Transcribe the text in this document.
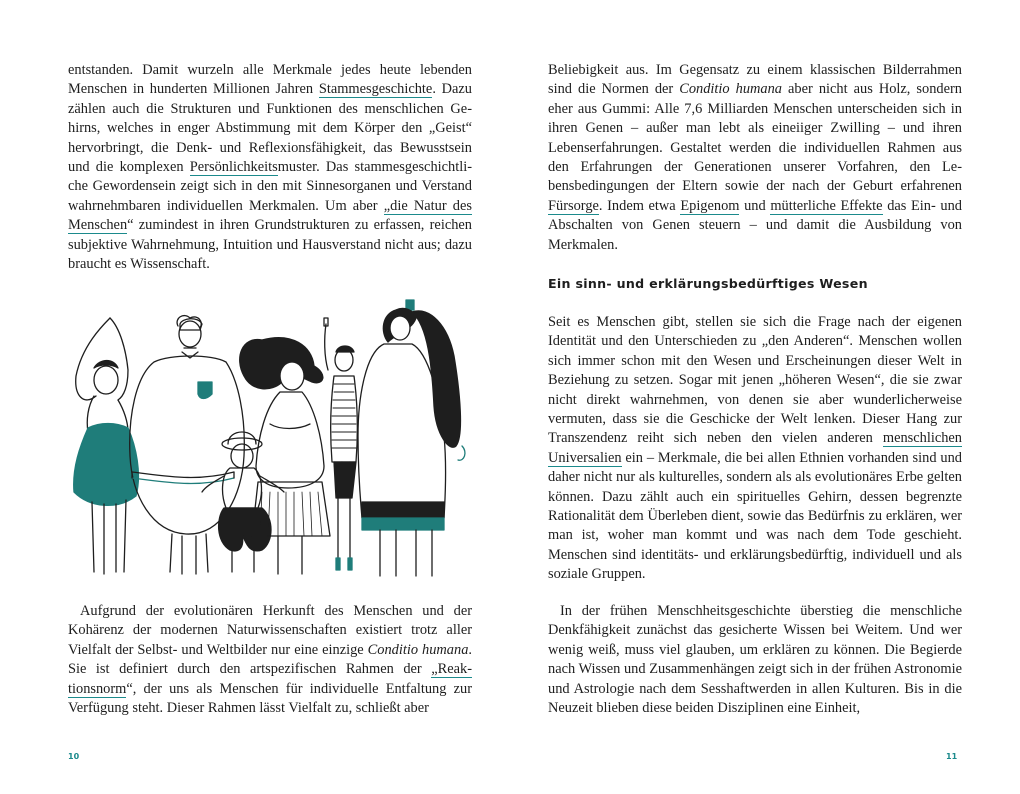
entstanden. Damit wurzeln alle Merkmale jedes heute lebenden Menschen in hunderten Millionen Jahren Stammesgeschichte. Dazu zählen auch die Strukturen und Funktionen des menschlichen Gehirns, welches in enger Abstimmung mit dem Körper den „Geist“ hervorbringt, die Denk- und Reflexionsfähigkeit, das Bewusstsein und die komplexen Persönlichkeitsmuster. Das stammesgeschichtliche Gewordensein zeigt sich in den mit Sinnesorganen und Verstand wahrnehmbaren individuellen Merkmalen. Um aber „die Natur des Menschen“ zumindest in ihren Grundstrukturen zu erfassen, reichen subjektive Wahrnehmung, Intuition und Hausverstand nicht aus; dazu braucht es Wissenschaft.

Aufgrund der evolutionären Herkunft des Menschen und der Kohärenz der modernen Naturwissenschaften existiert trotz aller Vielfalt der Selbst- und Weltbilder nur eine einzige Conditio humana. Sie ist definiert durch den artspezifischen Rahmen der „Reaktionsnorm“, der uns als Menschen für individuelle Entfaltung zur Verfügung steht. Dieser Rahmen lässt Vielfalt zu, schließt aber

10

Beliebigkeit aus. Im Gegensatz zu einem klassischen Bilderrahmen sind die Normen der Conditio humana aber nicht aus Holz, sondern eher aus Gummi: Alle 7,6 Milliarden Menschen unterscheiden sich in ihren Genen – außer man lebt als eineiiger Zwilling – und ihren Lebenserfahrungen. Gestaltet werden die individuellen Rahmen aus den Erfahrungen der Generationen unserer Vorfahren, den Lebensbedingungen der Eltern sowie der nach der Geburt erfahrenen Fürsorge. Indem etwa Epigenom und mütterliche Effekte das Ein- und Abschalten von Genen steuern – und damit die Ausbildung von Merkmalen.

Ein sinn- und erklärungsbedürftiges Wesen

Seit es Menschen gibt, stellen sie sich die Frage nach der eigenen Identität und den Unterschieden zu „den Anderen“. Menschen wollen sich immer schon mit den Wesen und Erscheinungen dieser Welt in Beziehung zu setzen. Sogar mit jenen „höheren Wesen“, die sie zwar nicht direkt wahrnehmen, von denen sie aber wunderlicherweise vermuten, dass sie die Geschicke der Welt lenken. Dieser Hang zur Transzendenz reiht sich neben den vielen anderen menschlichen Universalien ein – Merkmale, die bei allen Ethnien vorhanden sind und daher nicht nur als kulturelles, sondern als als evolutionäres Erbe gelten können. Dazu zählt auch ein spirituelles Gehirn, dessen begrenzte Rationalität dem Überleben dient, sowie das Bedürfnis zu erklären, wer man ist, woher man kommt und was nach dem Tode geschieht. Menschen sind identitäts- und erklärungsbedürftig, individuell und als soziale Gruppen.

In der frühen Menschheitsgeschichte überstieg die menschliche Denkfähigkeit zunächst das gesicherte Wissen bei Weitem. Und wer wenig weiß, muss viel glauben, um erklären zu können. Die Begierde nach Wissen und Zusammenhängen zeigt sich in der frühen Astronomie und Astrologie nach dem Sesshaftwerden in allen Kulturen. Bis in die Neuzeit blieben diese beiden Disziplinen eine Einheit,

11
